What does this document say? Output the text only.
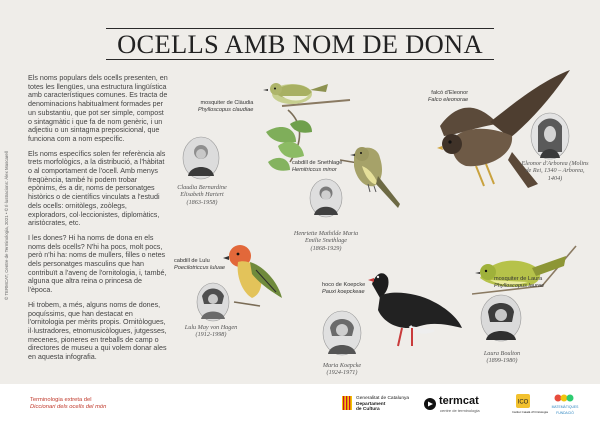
OCELLS AMB NOM DE DONA
© TERMCAT, Centre de Terminologia, 2021 • © Il·lustracions: Àlex Mascarell

Els noms populars dels ocells presenten, en totes les llengües, una estructura lingüística amb característiques comunes. Es tracta de denominacions habitualment formades per un substantiu, que pot ser simple, compost o sintagmàtic i que fa de nom genèric, i un adjectiu o un sintagma preposicional, que funciona com a nom específic.

Els noms específics solen fer referència als trets morfològics, a la distribució, a l'hàbitat o al comportament de l'ocell. Amb menys freqüència, també hi podem trobar epònims, és a dir, noms de personatges històrics o de científics vinculats a l'estudi dels ocells: ornitòlegs, zoòlegs, exploradors, col·leccionistes, diplomàtics, aristòcrates, etc.

I les dones? Hi ha noms de dona en els noms dels ocells? N'hi ha pocs, molt pocs, però n'hi ha: noms de mullers, filles o netes dels personatges masculins que han contribuït a l'avenç de l'ornitologia, i, també, alguna que altra reina o princesa de l'època.

Hi trobem, a més, alguns noms de dones, poquíssims, que han destacat en l'ornitologia per mèrits propis. Ornitòlogues, il·lustradores, etnomusicòlogues, jutgesses, mecenes, pioneres en treballs de camp o directores de museu a qui volem donar ales en aquesta infografia.

mosquiter de Clàudia
Phylloscopus claudiae
Claudia Bernardine Elisabeth Hartert
(1863-1958)
cabdill de Snethlage
Hemitriccus minor
Henriette Mathilde Maria Emilie Snethlage
(1868-1929)
falcó d'Eleonor
Falco eleonorae
Eleonor d'Arborea (Molins de Rei, 1340 – Arborea, 1404)
cabdill de Lulu
Poecilotriccus luluae
Lulu May von Hagen
(1912-1998)
hoco de Koepcke
Pauxi koepckeae
Maria Koepcke
(1924-1971)
mosquiter de Laura
Phylloscopus laurae
Laura Boulton
(1899-1980)
Terminologia extreta del
Diccionari dels ocells del món
Generalitat de Catalunya
Departament
de Cultura
termcat
centre de terminologia
ICO
Institut Català d'Ornitologia
MATEMÀTIQUES
FUNDACIÓ
